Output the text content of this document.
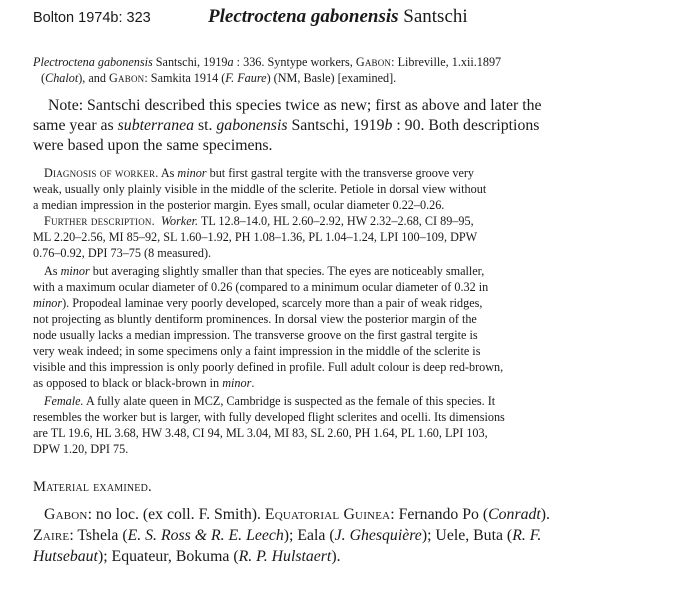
Bolton 1974b: 323	Plectroctena gabonensis Santschi
Plectroctena gabonensis Santschi, 1919a : 336. Syntype workers, Gabon: Libreville, 1.xii.1897
(Chalot), and Gabon: Samkita 1914 (F. Faure) (NM, Basle) [examined].
Note: Santschi described this species twice as new; first as above and later the
same year as subterranea st. gabonensis Santschi, 1919b : 90. Both descriptions
were based upon the same specimens.
Diagnosis of worker. As minor but first gastral tergite with the transverse groove very
weak, usually only plainly visible in the middle of the sclerite. Petiole in dorsal view without
a median impression in the posterior margin. Eyes small, ocular diameter 0.22–0.26.
Further description. Worker. TL 12.8–14.0, HL 2.60–2.92, HW 2.32–2.68, CI 89–95,
ML 2.20–2.56, MI 85–92, SL 1.60–1.92, PH 1.08–1.36, PL 1.04–1.24, LPI 100–109, DPW
0.76–0.92, DPI 73–75 (8 measured).
As minor but averaging slightly smaller than that species. The eyes are noticeably smaller,
with a maximum ocular diameter of 0.26 (compared to a minimum ocular diameter of 0.32 in
minor). Propodeal laminae very poorly developed, scarcely more than a pair of weak ridges,
not projecting as bluntly dentiform prominences. In dorsal view the posterior margin of the
node usually lacks a median impression. The transverse groove on the first gastral tergite is
very weak indeed; in some specimens only a faint impression in the middle of the sclerite is
visible and this impression is only poorly defined in profile. Full adult colour is deep red-brown,
as opposed to black or black-brown in minor.
Female. A fully alate queen in MCZ, Cambridge is suspected as the female of this species. It
resembles the worker but is larger, with fully developed flight sclerites and ocelli. Its dimensions
are TL 19.6, HL 3.68, HW 3.48, CI 94, ML 3.04, MI 83, SL 2.60, PH 1.64, PL 1.60, LPI 103,
DPW 1.20, DPI 75.
Material examined.
Gabon: no loc. (ex coll. F. Smith). Equatorial Guinea: Fernando Po (Conradt).
Zaire: Tshela (E. S. Ross & R. E. Leech); Eala (J. Ghesquière); Uele, Buta (R. F.
Hutsebaut); Equateur, Bokuma (R. P. Hulstaert).
